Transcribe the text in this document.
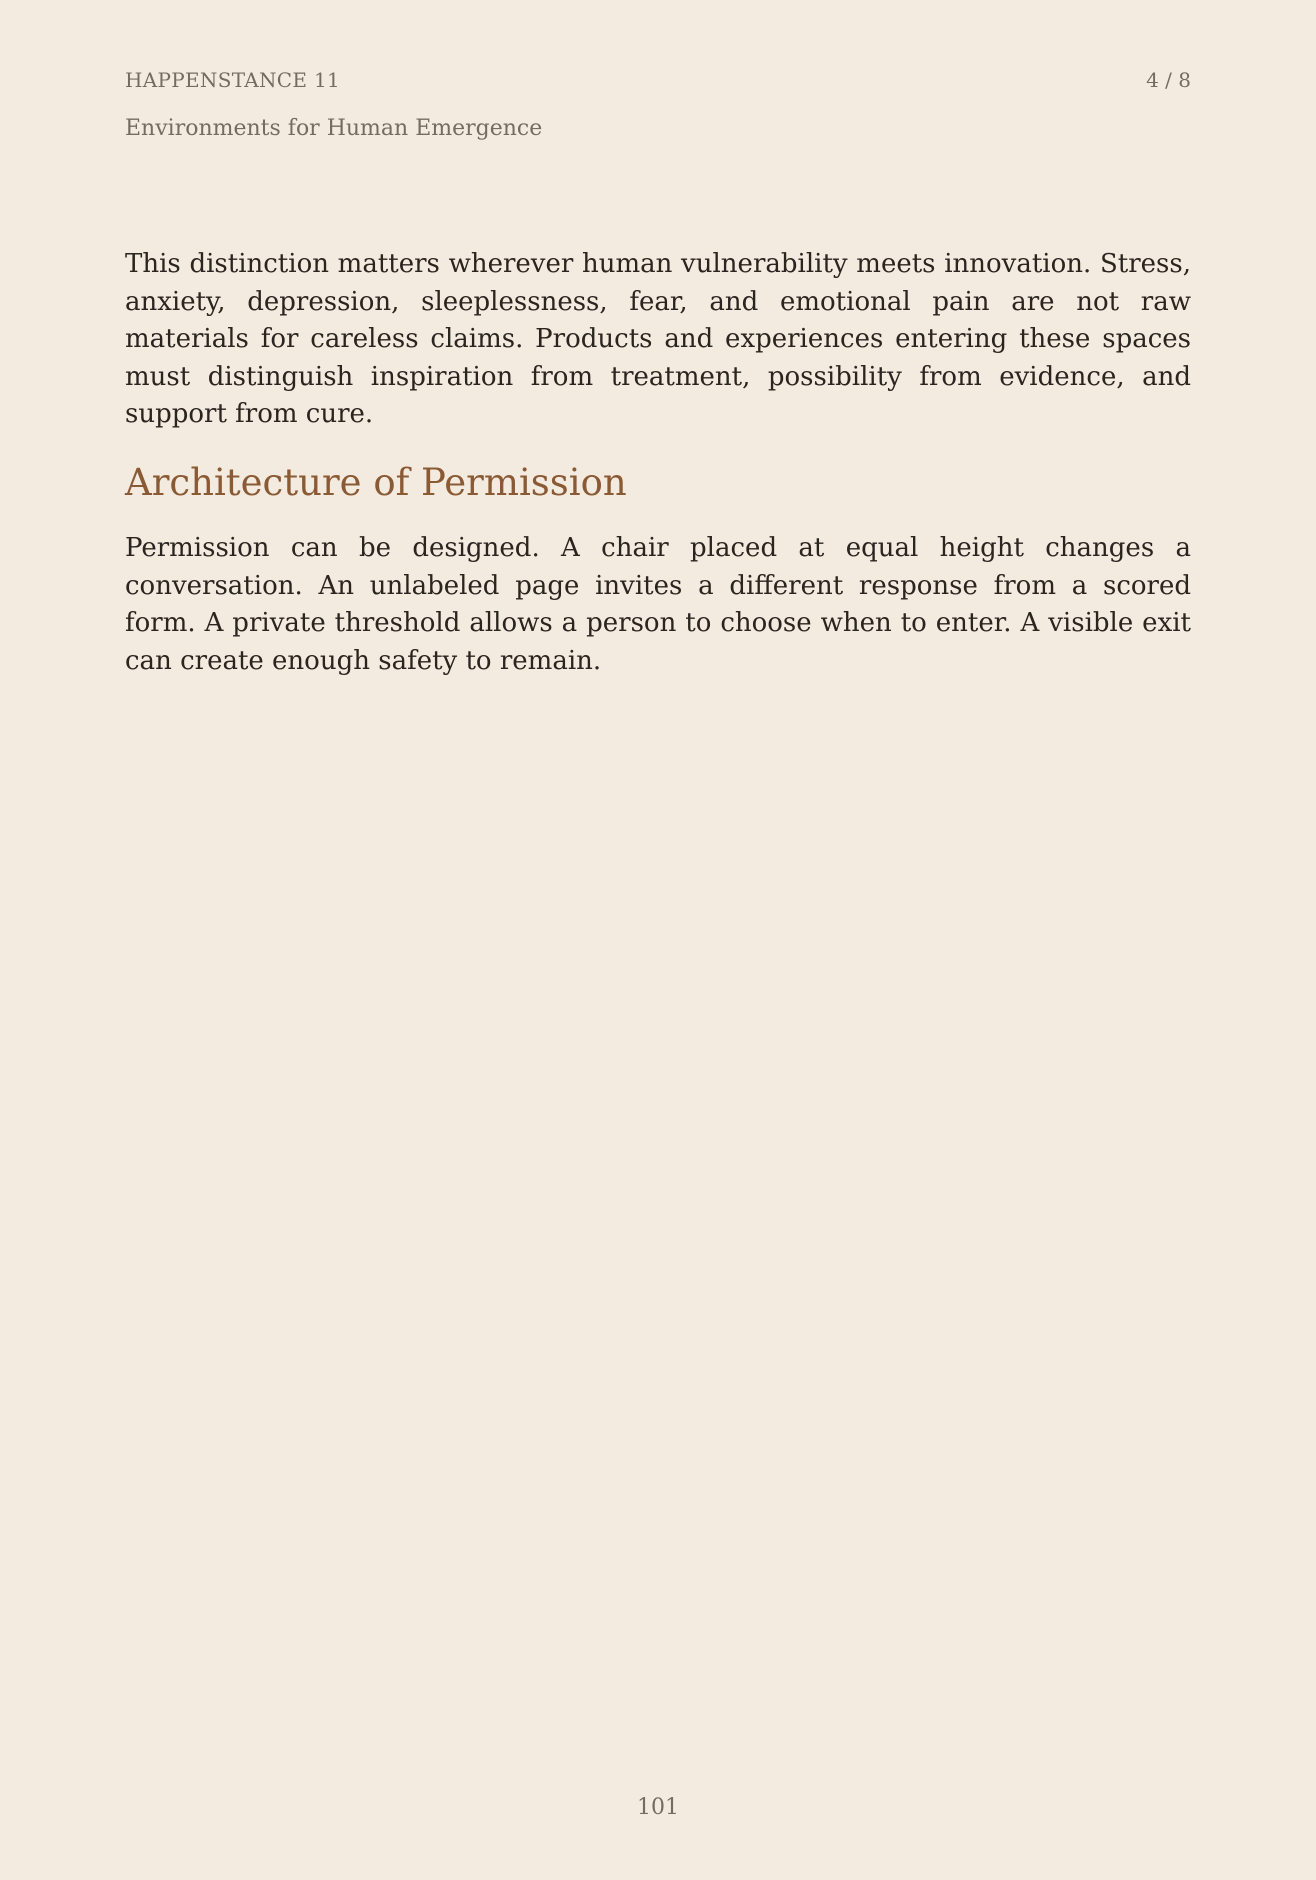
HAPPENSTANCE 11	4 / 8
Environments for Human Emergence

This distinction matters wherever human vulnerability meets innovation. Stress, anxiety, depression, sleeplessness, fear, and emotional pain are not raw materials for careless claims. Products and experiences entering these spaces must distinguish inspiration from treatment, possibility from evidence, and support from cure.

Architecture of Permission

Permission can be designed. A chair placed at equal height changes a conversation. An unlabeled page invites a different response from a scored form. A private threshold allows a person to choose when to enter. A visible exit can create enough safety to remain.

101
